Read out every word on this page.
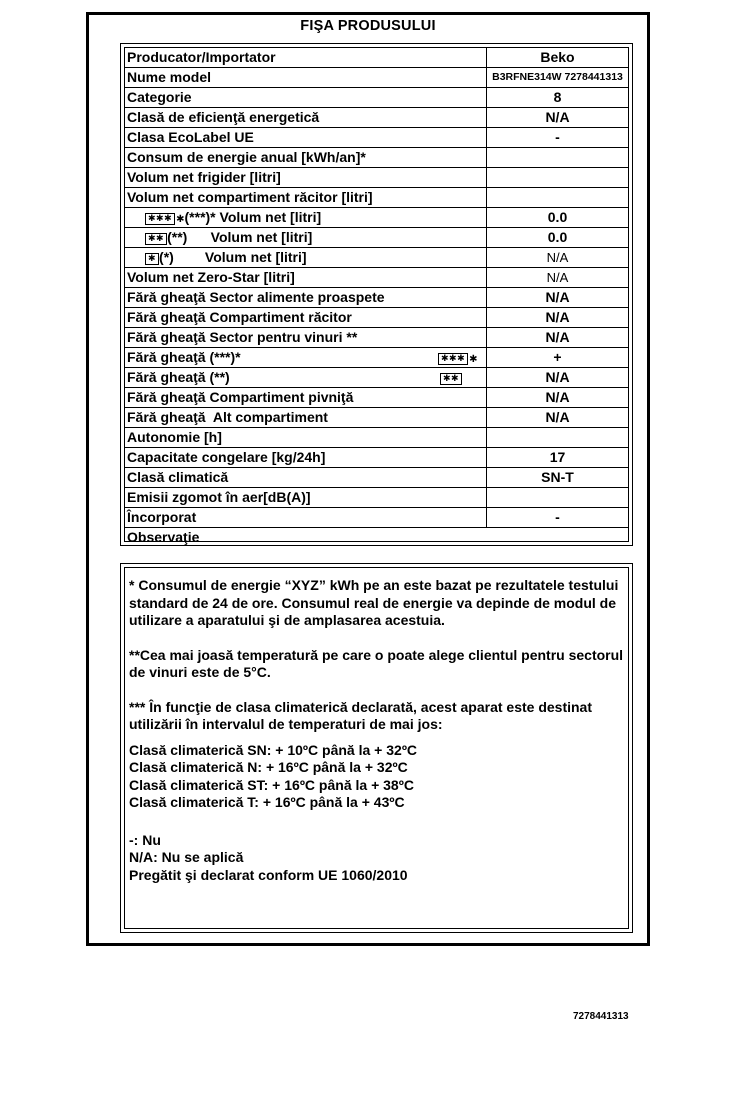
FIŞA PRODUSULUI
Producator/Importator	Beko
Nume model	B3RFNE314W 7278441313
Categorie	8
Clasă de eficienţă energetică	N/A
Clasa EcoLabel UE	-
Consum de energie anual [kWh/an]*
Volum net frigider [litri]
Volum net compartiment răcitor [litri]
✱✱✱ ✱(***)* Volum net [litri]	0.0
✱✱ (**)      Volum net [litri]	0.0
✱ (*)        Volum net [litri]	N/A
Volum net Zero-Star [litri]	N/A
Fără gheaţă Sector alimente proaspete	N/A
Fără gheaţă Compartiment răcitor	N/A
Fără gheaţă Sector pentru vinuri **	N/A
Fără gheaţă (***)*	✱✱✱ ✱	+
Fără gheaţă (**)	✱✱	N/A
Fără gheaţă Compartiment pivniţă	N/A
Fără gheaţă  Alt compartiment	N/A
Autonomie [h]
Capacitate congelare [kg/24h]	17
Clasă climatică	SN-T
Emisii zgomot în aer[dB(A)]
Încorporat	-
Observaţie

* Consumul de energie “XYZ” kWh pe an este bazat pe rezultatele testului standard de 24 de ore. Consumul real de energie va depinde de modul de utilizare a aparatului şi de amplasarea acestuia.

**Cea mai joasă temperatură pe care o poate alege clientul pentru sectorul de vinuri este de 5°C.

*** În funcţie de clasa climaterică declarată, acest aparat este destinat utilizării în intervalul de temperaturi de mai jos:

Clasă climaterică SN: + 10ºC până la + 32ºC

Clasă climaterică N: + 16ºC până la + 32ºC

Clasă climaterică ST: + 16ºC până la + 38ºC

Clasă climaterică T: + 16ºC până la + 43ºC

-: Nu

N/A: Nu se aplică

Pregătit şi declarat conform UE 1060/2010

7278441313
